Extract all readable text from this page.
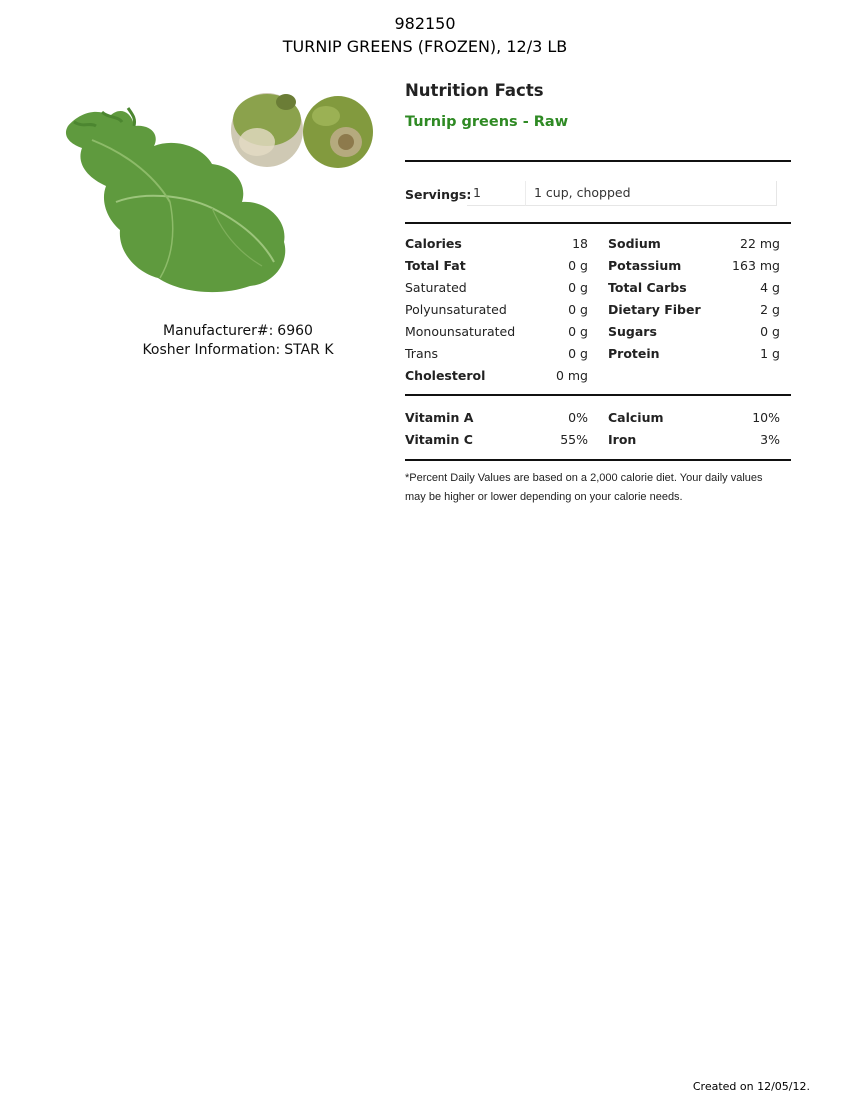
982150
TURNIP GREENS (FROZEN), 12/3 LB
Manufacturer#: 6960
Kosher Information: STAR K
Nutrition Facts
Turnip greens - Raw
Servings: 1	1 cup, chopped
Calories	18 Sodium	22 mg
Total Fat	0 g Potassium	163 mg
Saturated	0 g Total Carbs	4 g
Polyunsaturated	0 g Dietary Fiber	2 g
Monounsaturated	0 g Sugars	0 g
Trans	0 g Protein	1 g
Cholesterol	0 mg
Vitamin A	0% Calcium	10%
Vitamin C	55% Iron	3%
*Percent Daily Values are based on a 2,000 calorie diet. Your daily values may be higher or lower depending on your calorie needs.
Created on 12/05/12.
